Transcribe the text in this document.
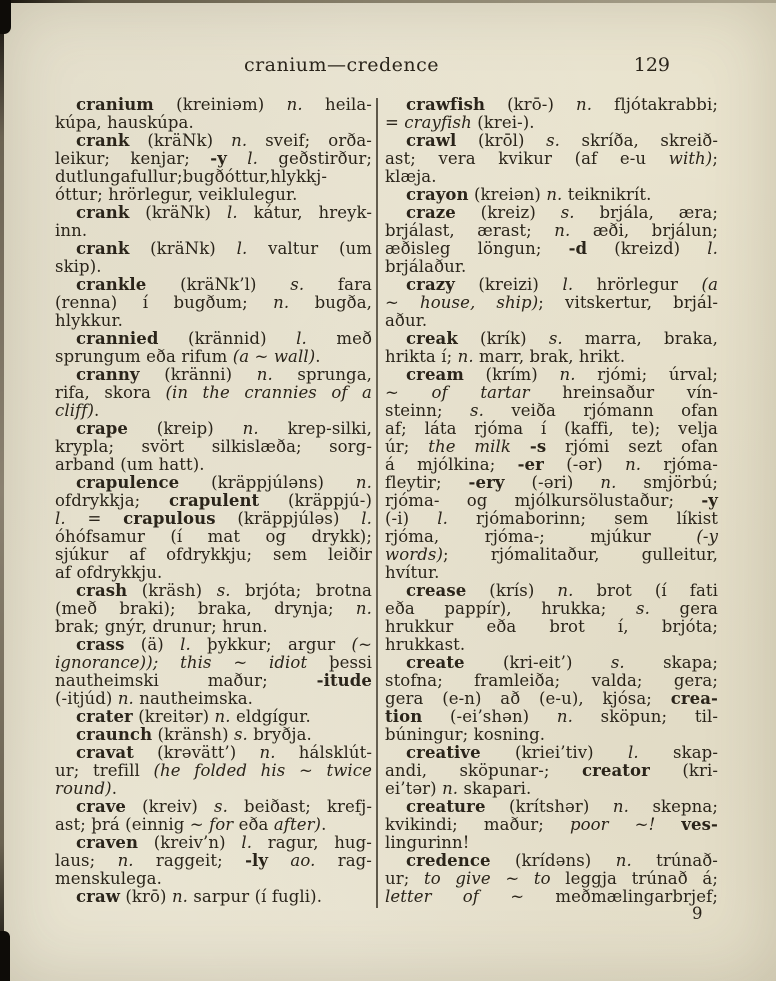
cranium—credence	129
cranium (kreiniəm) n. heila-
kúpa, hauskúpa.
crank (kräNk) n. sveif; orða-
leikur; kenjar; -y l. geðstirður;
dutlungafullur;bugðóttur,hlykkj-
óttur; hrörlegur, veiklulegur.
crank (kräNk) l. kátur, hreyk-
inn.
crank (kräNk) l. valtur (um
skip).
crankle (kräNk’l) s. fara
(renna) í bugðum; n. bugða,
hlykkur.
crannied (krännid) l. með
sprungum eða rifum (a ~ wall).
cranny (kränni) n. sprunga,
rifa, skora (in the crannies of a
cliff).
crape (kreip) n. krep-silki,
krypla; svört silkislæða; sorg-
arband (um hatt).
crapulence (kräppjúləns) n.
ofdrykkja; crapulent (kräppjú-)
l. = crapulous (kräppjúləs) l.
óhófsamur (í mat og drykk);
sjúkur af ofdrykkju; sem leiðir
af ofdrykkju.
crash (kräsh) s. brjóta; brotna
(með braki); braka, drynja; n.
brak; gnýr, drunur; hrun.
crass (ä) l. þykkur; argur (~
ignorance)); this ~ idiot þessi
nautheimski maður; -itude
(-itjúd) n. nautheimska.
crater (kreitər) n. eldgígur.
craunch (kränsh) s. bryðja.
cravat (krəvätt’) n. hálsklút-
ur; trefill (he folded his ~ twice
round).
crave (kreiv) s. beiðast; krefj-
ast; þrá (einnig ~ for eða after).
craven (kreiv’n) l. ragur, hug-
laus; n. raggeit; -ly ao. rag-
menskulega.
craw (krō) n. sarpur (í fugli).
crawfish (krō-) n. fljótakrabbi;
= crayfish (krei-).
crawl (krōl) s. skríða, skreið-
ast; vera kvikur (af e-u with);
klæja.
crayon (kreiən) n. teiknikrít.
craze (kreiz) s. brjála, æra;
brjálast, ærast; n. æði, brjálun;
æðisleg löngun; -d (kreizd) l.
brjálaður.
crazy (kreizi) l. hrörlegur (a
~ house, ship); vitskertur, brjál-
aður.
creak (krík) s. marra, braka,
hrikta í; n. marr, brak, hrikt.
cream (krím) n. rjómi; úrval;
~ of tartar hreinsaður vín-
steinn; s. veiða rjómann ofan
af; láta rjóma í (kaffi, te); velja
úr; the milk -s rjómi sezt ofan
á mjólkina; -er (-ər) n. rjóma-
fleytir; -ery (-əri) n. smjörbú;
rjóma- og mjólkursölustaður; -y
(-i) l. rjómaborinn; sem líkist
rjóma, rjóma-; mjúkur (-y
words); rjómalitaður, gulleitur,
hvítur.
crease (krís) n. brot (í fati
eða pappír), hrukka; s. gera
hrukkur eða brot í, brjóta;
hrukkast.
create (kri-eit’) s. skapa;
stofna; framleiða; valda; gera;
gera (e-n) að (e-u), kjósa; crea-
tion (-ei’shən) n. sköpun; til-
búningur; kosning.
creative (kriei’tiv) l. skap-
andi, sköpunar-; creator (kri-
ei’tər) n. skapari.
creature (krítshər) n. skepna;
kvikindi; maður; poor ~! ves-
lingurinn!
credence (krídəns) n. trúnað-
ur; to give ~ to leggja trúnað á;
letter of ~ meðmælingarbrjef;
9
